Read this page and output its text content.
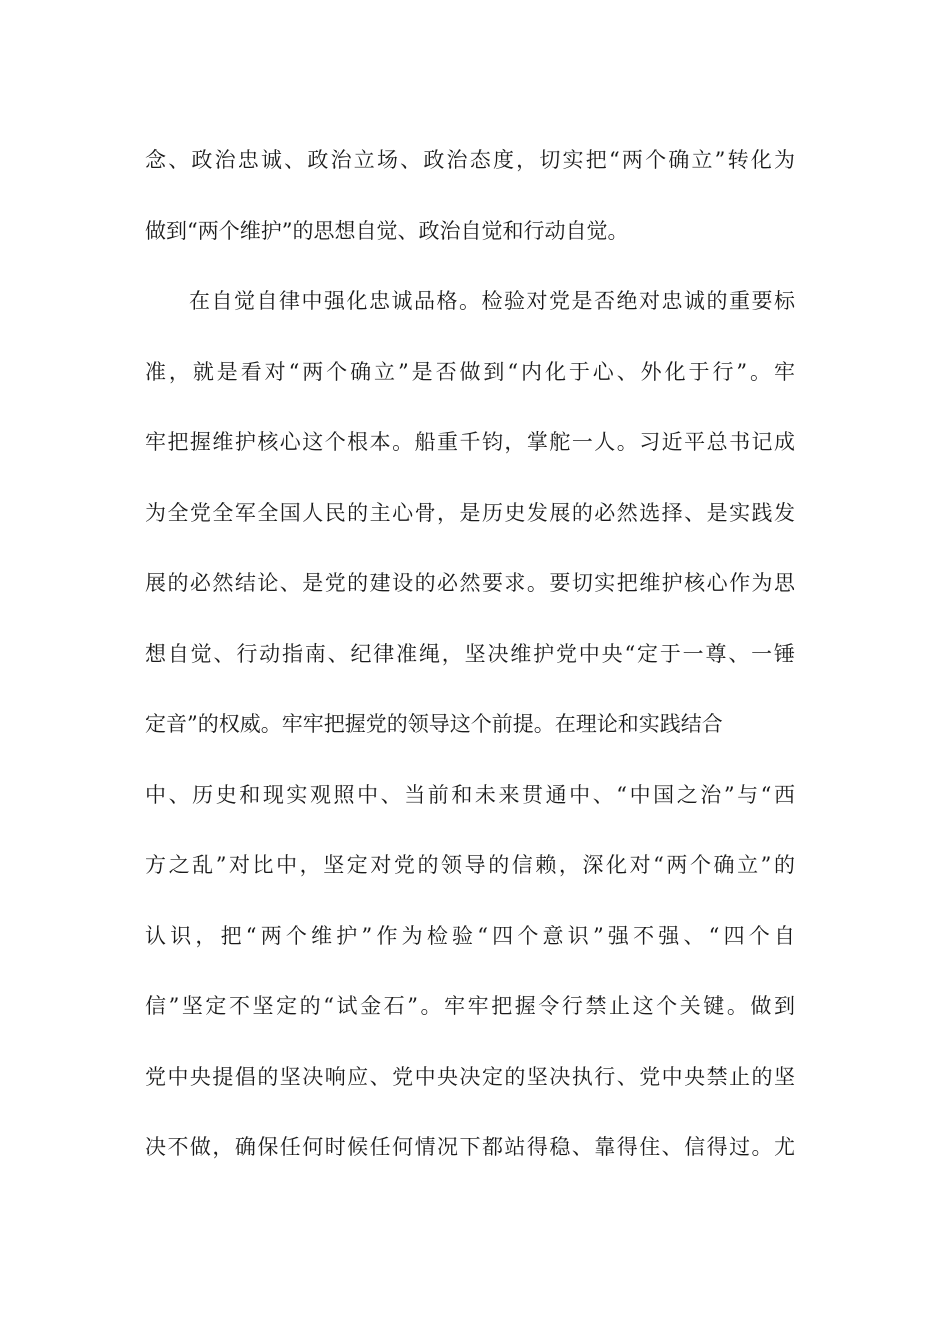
念、政治忠诚、政治立场、政治态度，切实把“两个确立”转化为
做到“两个维护”的思想自觉、政治自觉和行动自觉。
在自觉自律中强化忠诚品格。检验对党是否绝对忠诚的重要标
准，就是看对“两个确立”是否做到“内化于心、外化于行”。牢
牢把握维护核心这个根本。船重千钧，掌舵一人。习近平总书记成
为全党全军全国人民的主心骨，是历史发展的必然选择、是实践发
展的必然结论、是党的建设的必然要求。要切实把维护核心作为思
想自觉、行动指南、纪律准绳，坚决维护党中央“定于一尊、一锤
定音”的权威。牢牢把握党的领导这个前提。在理论和实践结合
中、历史和现实观照中、当前和未来贯通中、“中国之治”与“西
方之乱”对比中，坚定对党的领导的信赖，深化对“两个确立”的
认识，把“两个维护”作为检验“四个意识”强不强、“四个自
信”坚定不坚定的“试金石”。牢牢把握令行禁止这个关键。做到
党中央提倡的坚决响应、党中央决定的坚决执行、党中央禁止的坚
决不做，确保任何时候任何情况下都站得稳、靠得住、信得过。尤
